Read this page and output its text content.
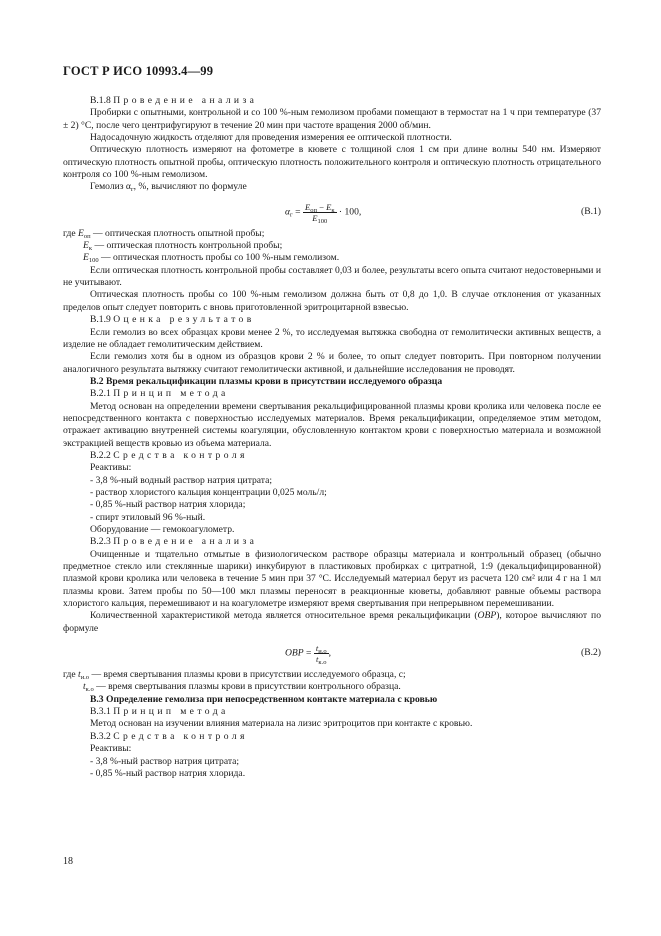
ГОСТ Р ИСО 10993.4—99

В.1.8 Проведение анализа

Пробирки с опытными, контрольной и со 100 %-ным гемолизом пробами помещают в термостат на 1 ч при температуре (37 ± 2) °С, после чего центрифугируют в течение 20 мин при частоте вращения 2000 об/мин.

Надосадочную жидкость отделяют для проведения измерения ее оптической плотности.

Оптическую плотность измеряют на фотометре в кювете с толщиной слоя 1 см при длине волны 540 нм. Измеряют оптическую плотность опытной пробы, оптическую плотность положительного контроля и оптическую плотность отрицательного контроля со 100 %-ным гемолизом.

Гемолиз $\alpha_г$, %, вычисляют по формуле

$\alpha_г = \frac{E_{оп} - E_к}{E_{100}} \cdot 100$,	(В.1)

где $E_{оп}$ — оптическая плотность опытной пробы;

$E_к$ — оптическая плотность контрольной пробы;

$E_{100}$ — оптическая плотность пробы со 100 %-ным гемолизом.

Если оптическая плотность контрольной пробы составляет 0,03 и более, результаты всего опыта считают недостоверными и не учитывают.

Оптическая плотность пробы со 100 %-ным гемолизом должна быть от 0,8 до 1,0. В случае отклонения от указанных пределов опыт следует повторить с вновь приготовленной эритроцитарной взвесью.

В.1.9 Оценка результатов

Если гемолиз во всех образцах крови менее 2 %, то исследуемая вытяжка свободна от гемолитически активных веществ, а изделие не обладает гемолитическим действием.

Если гемолиз хотя бы в одном из образцов крови 2 % и более, то опыт следует повторить. При повторном получении аналогичного результата вытяжку считают гемолитически активной, и дальнейшие исследования не проводят.

В.2 Время рекальцификации плазмы крови в присутствии исследуемого образца

В.2.1 Принцип метода

Метод основан на определении времени свертывания рекальцифицированной плазмы крови кролика или человека после ее непосредственного контакта с поверхностью исследуемых материалов. Время рекальцификации, определяемое этим методом, отражает активацию внутренней системы коагуляции, обусловленную контактом крови с поверхностью материала и возможной экстракцией веществ кровью из объема материала.

В.2.2 Средства контроля

Реактивы:

- 3,8 %-ный водный раствор натрия цитрата;

- раствор хлористого кальция концентрации 0,025 моль/л;

- 0,85 %-ный раствор натрия хлорида;

- спирт этиловый 96 %-ный.

Оборудование — гемокоагулометр.

В.2.3 Проведение анализа

Очищенные и тщательно отмытые в физиологическом растворе образцы материала и контрольный образец (обычно предметное стекло или стеклянные шарики) инкубируют в пластиковых пробирках с цитратной, 1:9 (декальцифицированной) плазмой крови кролика или человека в течение 5 мин при 37 °С. Исследуемый материал берут из расчета 120 см² или 4 г на 1 мл плазмы крови. Затем пробы по 50—100 мкл плазмы переносят в реакционные кюветы, добавляют равные объемы раствора хлористого кальция, перемешивают и на коагулометре измеряют время свертывания при непрерывном перемешивании.

Количественной характеристикой метода является относительное время рекальцификации (ОВР), которое вычисляют по формуле

ОВР = $\frac{t_{и.о}}{t_{к.о}}$ ,	(В.2)

где $t_{и.о}$ — время свертывания плазмы крови в присутствии исследуемого образца, с;

$t_{к.о}$ — время свертывания плазмы крови в присутствии контрольного образца.

В.3 Определение гемолиза при непосредственном контакте материала с кровью

В.3.1 Принцип метода

Метод основан на изучении влияния материала на лизис эритроцитов при контакте с кровью.

В.3.2 Средства контроля

Реактивы:

- 3,8 %-ный раствор натрия цитрата;

- 0,85 %-ный раствор натрия хлорида.

18
